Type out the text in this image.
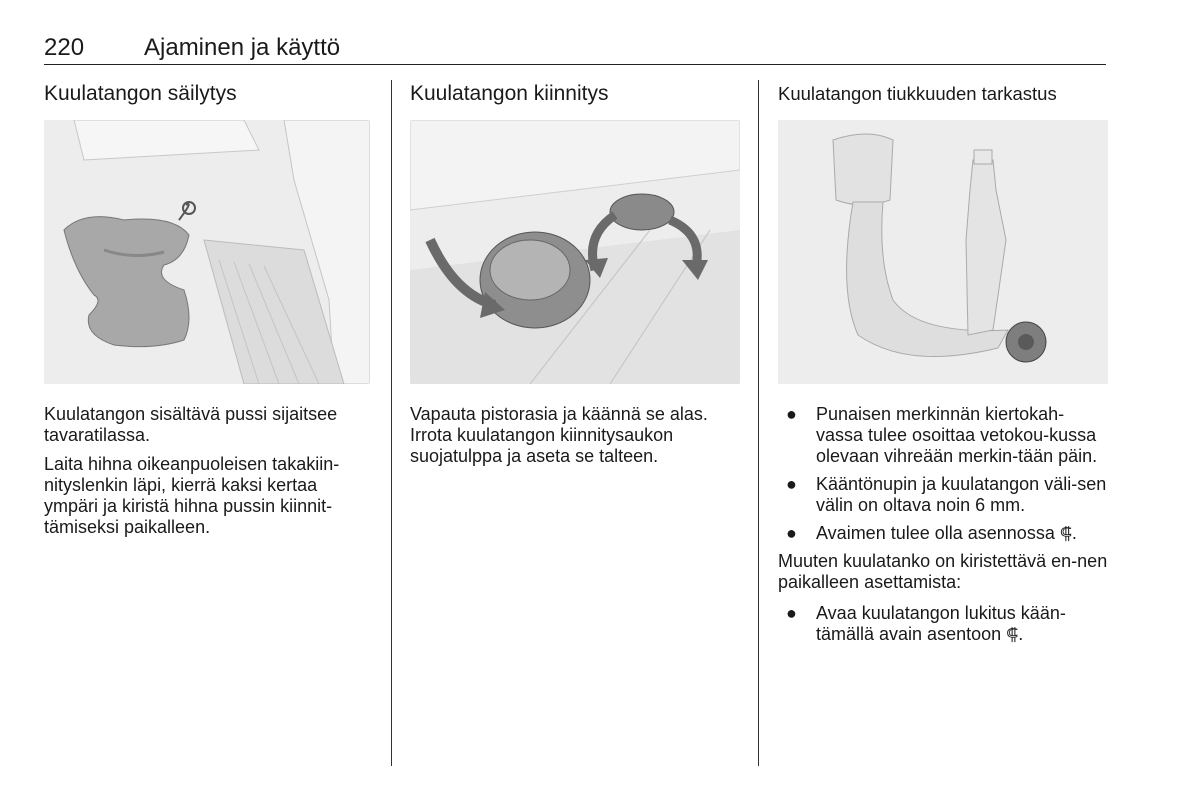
220 Ajaminen ja käyttö
Kuulatangon säilytys

Kuulatangon sisältävä pussi sijaitsee tavaratilassa.

Laita hihna oikeanpuoleisen takakiin-nityslenkin läpi, kierrä kaksi kertaa ympäri ja kiristä hihna pussin kiinnit-tämiseksi paikalleen.

Kuulatangon kiinnitys

Vapauta pistorasia ja käännä se alas. Irrota kuulatangon kiinnitysaukon suojatulppa ja aseta se talteen.

Kuulatangon tiukkuuden tarkastus
● Punaisen merkinnän kiertokah-vassa tulee osoittaa vetokou-kussa olevaan vihreään merkin-tään päin.
● Kääntönupin ja kuulatangon väli-sen välin on oltava noin 6 mm.
● Avaimen tulee olla asennossa ⸿.

Muuten kuulatanko on kiristettävä en-nen paikalleen asettamista:

● Avaa kuulatangon lukitus kään-tämällä avain asentoon ⸿.
